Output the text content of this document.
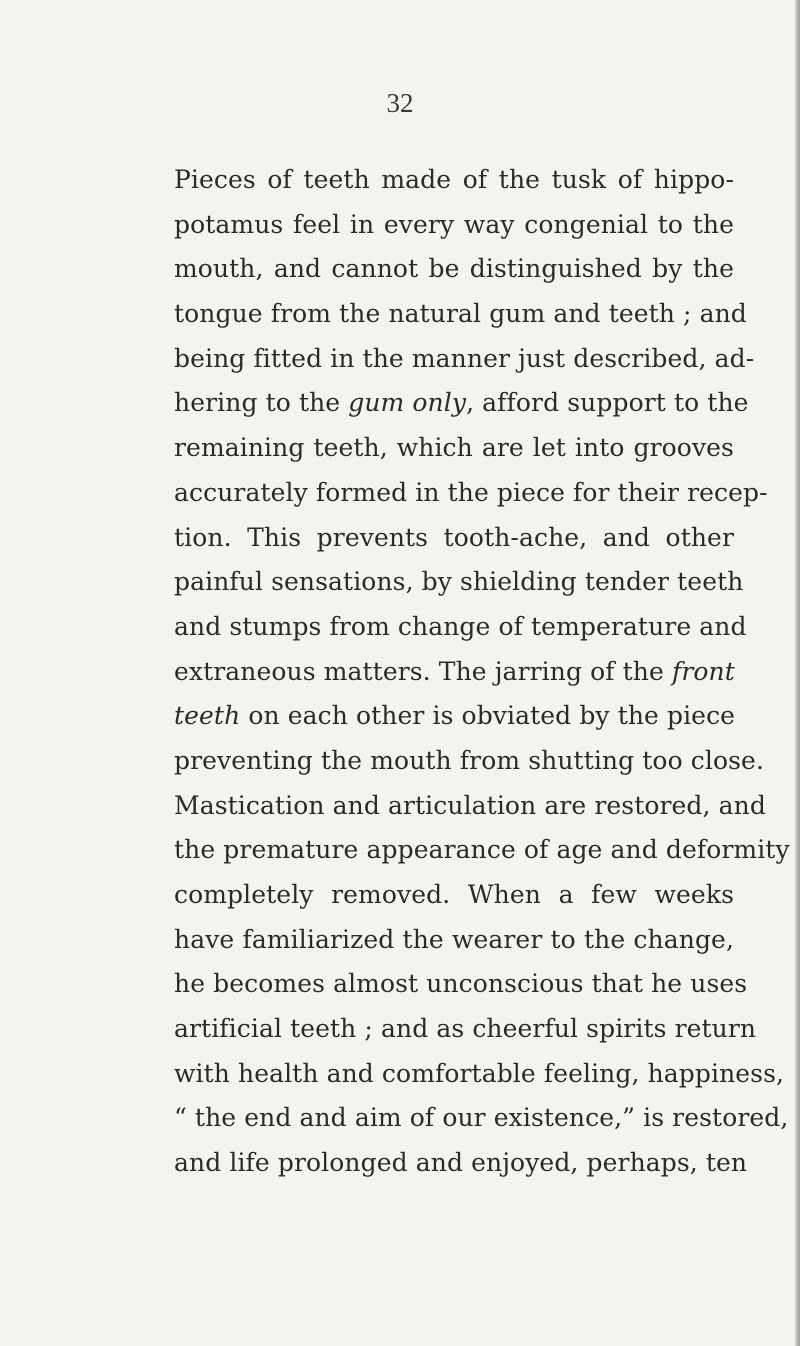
32
Pieces of teeth made of the tusk of hippo-
potamus feel in every way congenial to the
mouth, and cannot be distinguished by the
tongue from the natural gum and teeth ; and
being fitted in the manner just described, ad-
hering to the gum only, afford support to the
remaining teeth, which are let into grooves
accurately formed in the piece for their recep-
tion. This prevents tooth-ache, and other
painful sensations, by shielding tender teeth
and stumps from change of temperature and
extraneous matters. The jarring of the front
teeth on each other is obviated by the piece
preventing the mouth from shutting too close.
Mastication and articulation are restored, and
the premature appearance of age and deformity
completely removed. When a few weeks
have familiarized the wearer to the change,
he becomes almost unconscious that he uses
artificial teeth ; and as cheerful spirits return
with health and comfortable feeling, happiness,
“ the end and aim of our existence,” is restored,
and life prolonged and enjoyed, perhaps, ten
